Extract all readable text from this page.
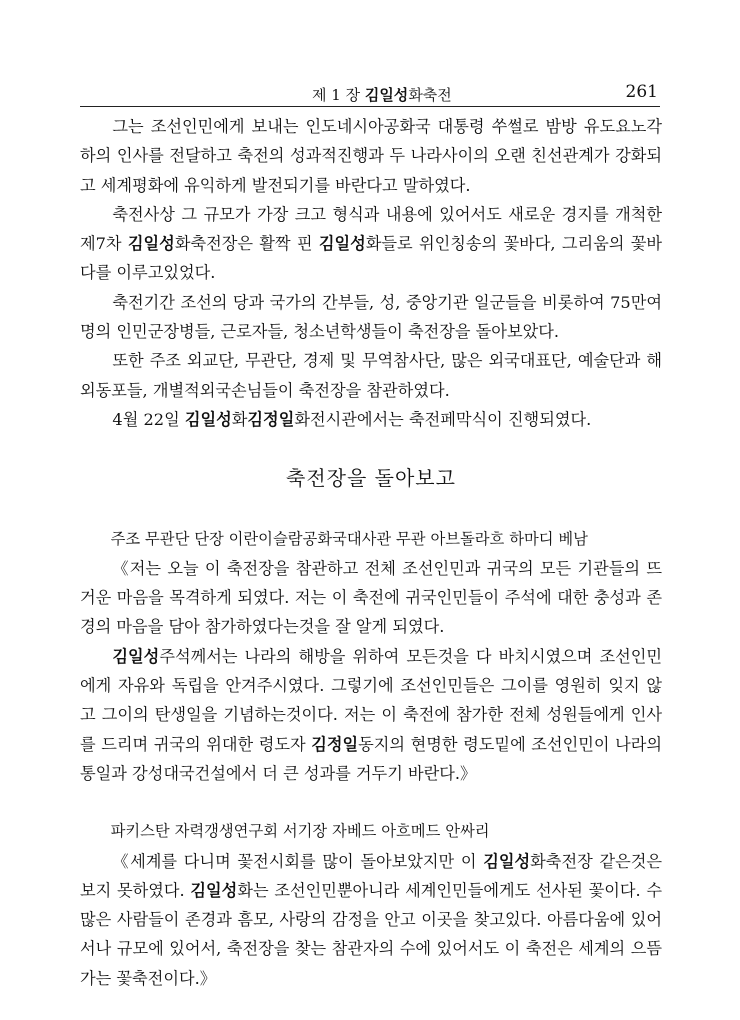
제 1 장 김일성화축전	261

그는 조선인민에게 보내는 인도네시아공화국 대통령 쑤썰로 밤방 유도요노각하의 인사를 전달하고 축전의 성과적진행과 두 나라사이의 오랜 친선관계가 강화되고 세계평화에 유익하게 발전되기를 바란다고 말하였다.

축전사상 그 규모가 가장 크고 형식과 내용에 있어서도 새로운 경지를 개척한 제7차 김일성화축전장은 활짝 핀 김일성화들로 위인칭송의 꽃바다, 그리움의 꽃바다를 이루고있었다.

축전기간 조선의 당과 국가의 간부들, 성, 중앙기관 일군들을 비롯하여 75만여명의 인민군장병들, 근로자들, 청소년학생들이 축전장을 돌아보았다.

또한 주조 외교단, 무관단, 경제 및 무역참사단, 많은 외국대표단, 예술단과 해외동포들, 개별적외국손님들이 축전장을 참관하였다.

4월 22일 김일성화김정일화전시관에서는 축전페막식이 진행되였다.

축전장을 돌아보고

주조 무관단 단장 이란이슬람공화국대사관 무관 아브돌라흐 하마디 베남

《저는 오늘 이 축전장을 참관하고 전체 조선인민과 귀국의 모든 기관들의 뜨거운 마음을 목격하게 되였다. 저는 이 축전에 귀국인민들이 주석에 대한 충성과 존경의 마음을 담아 참가하였다는것을 잘 알게 되였다.

김일성주석께서는 나라의 해방을 위하여 모든것을 다 바치시였으며 조선인민에게 자유와 독립을 안겨주시였다. 그렇기에 조선인민들은 그이를 영원히 잊지 않고 그이의 탄생일을 기념하는것이다. 저는 이 축전에 참가한 전체 성원들에게 인사를 드리며 귀국의 위대한 령도자 김정일동지의 현명한 령도밑에 조선인민이 나라의 통일과 강성대국건설에서 더 큰 성과를 거두기 바란다.》

파키스탄 자력갱생연구회 서기장 자베드 아흐메드 안싸리

《세계를 다니며 꽃전시회를 많이 돌아보았지만 이 김일성화축전장 같은것은 보지 못하였다. 김일성화는 조선인민뿐아니라 세계인민들에게도 선사된 꽃이다. 수많은 사람들이 존경과 흠모, 사랑의 감정을 안고 이곳을 찾고있다. 아름다움에 있어서나 규모에 있어서, 축전장을 찾는 참관자의 수에 있어서도 이 축전은 세계의 으뜸가는 꽃축전이다.》
